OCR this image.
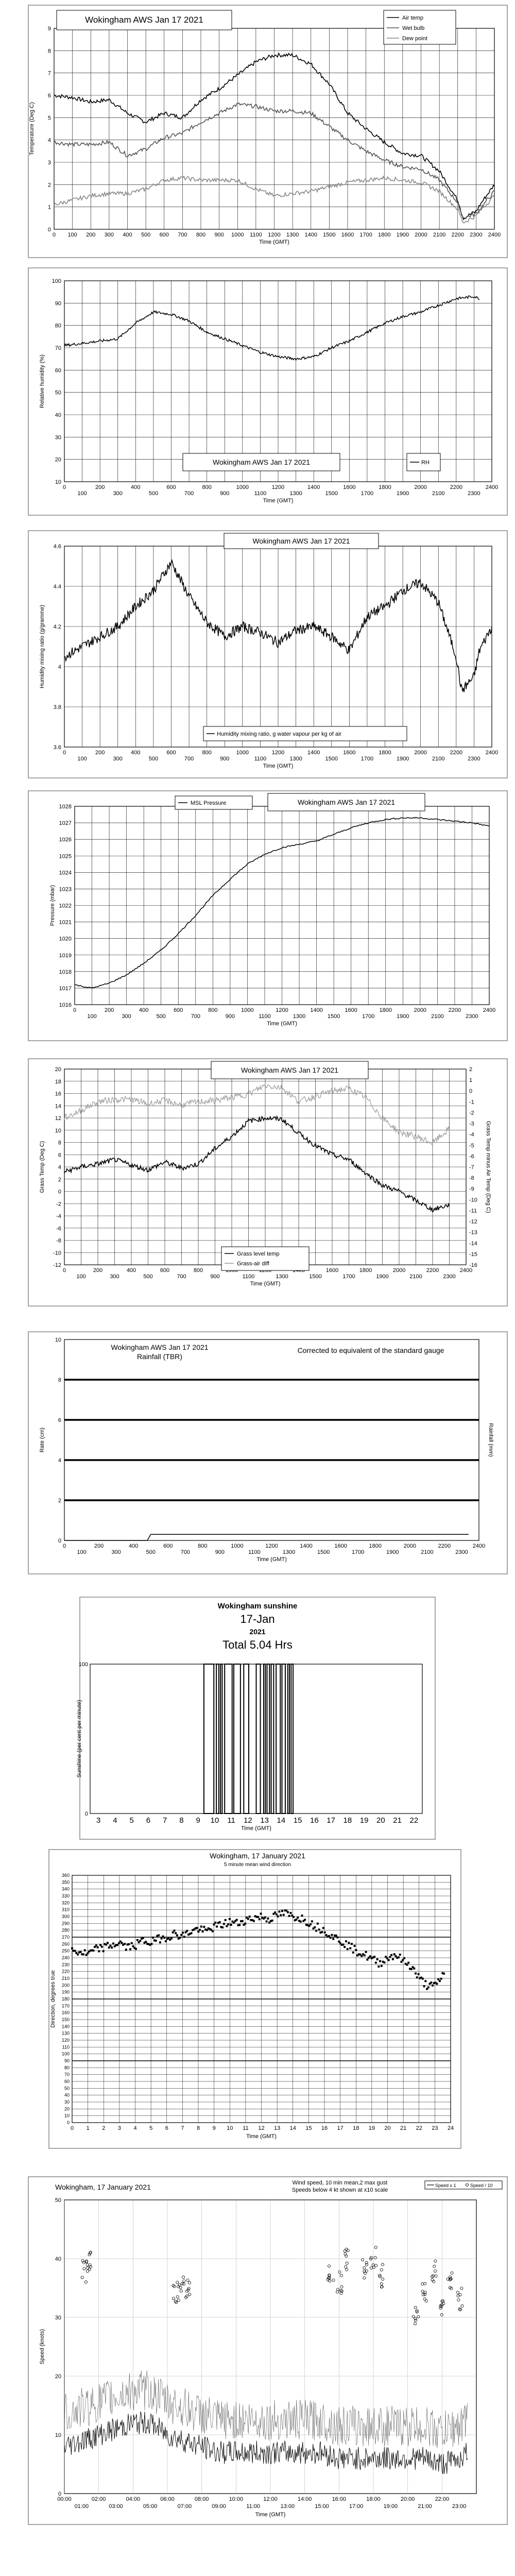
0
1
2
3
4
5
6
7
8
9
Temperature (Deg C)
0 100 200 300 400 500 600 700 800 900 1000 1100 1200 1300 1400 1500 1600 1700 1800 1900 2000 2100 2200 2300 2400
Time (GMT)
Wokingham AWS Jan 17 2021	Air temp
Wet bulb
Dew point
10
20
30
40
50
60
70
80
90
100
Relative humidity (%)
0
100
200
300
400
500
600
700
800
900
1000
1100
1200
1300
1400
1500
1600
1700
1800
1900
2000
2100
2200
2300
2400
Time (GMT)
Wokingham AWS Jan 17 2021	RH
3.6
3.8
4
4.2
4.4
4.6
Humidity mixing ratio (g/gramme)
0
100
200
300
400
500
600
700
800
900
1000
1100
1200
1300
1400
1500
1600
1700
1800
1900
2000
2100
2200
2300
2400
Time (GMT)
Wokingham AWS Jan 17 2021
Humidity mixing ratio, g water vapour per kg of air
1016
1017
1018
1019
1020
1021
1022
1023
1024
1025
1026
1027
1028
Pressure (mbar)
0
100
200
300
400
500
600
700
800
900
1000
1100
1200
1300
1400
1500
1600
1700
1800
1900
2000
2100
2200
2300
2400
Time (GMT)
Wokingham AWS Jan 17 2021
MSL Pressure
-12
-10
-8
-6
-4
-2
0
2
4
6
8
10
12
14
16
18
20
Grass Temp (Deg C)
0
100
200
300
400
500
600
700
800
900	1100	1300	1500
1600
1700
1800
1900
2000
2100
2200
2300
2400
Time (GMT)
-16
-15
-14
-13
-12
-11
-10
-9
-8
-7
-6
-5
-4
-3
-2
-1
0
1
2
Grass Temp minus Air Temp (Deg C)
Wokingham AWS Jan 17 2021
Grass level temp
Grass-air diff
0
2
4
6
8
10
Rate (cm)
0
100
200
300
400
500
600
700
800
900
1000
1100
1200
1300
1400
1500
1600
1700
1800
1900
2000
2100
2200
2300
2400
Time (GMT)
Rainfall (mm)
Wokingham AWS Jan 17 2021
Rainfall (TBR)
Corrected to equivalent of the standard gauge
0
100
Sunshine (per cent per minute)
3 4 5 6 7 8 9 10 11 12 13 14 15 16 17 18 19 20 21 22
Time (GMT)
Wokingham sunshine
17-Jan
2021
Total 5.04 Hrs
0
10
20
30
40
50
60
70
80
90
100
110
120
130
140
150
160
170
180
190
200
210
220
230
240
250
260
270
280
290
300
310
320
330
340
350
360
Direction, degrees true
0 1 2 3 4 5 6 7 8 9 10 11 12 13 14 15 16 17 18 19 20 21 22 23 24
Time (GMT)
Wokingham, 17 January 2021
5 minute mean wind direction
0
10
20
30
40
50
Speed (knots)
00:00	02:00	04:00	06:00	08:00	10:00	12:00	14:00	16:00	18:00	20:00	22:00
01:00	03:00	05:00	07:00	09:00	11:00	13:00	15:00	17:00	19:00	21:00	23:00
Time (GMT)
Wokingham, 17 January 2021	Wind speed, 10 min mean,2 max gust
Speeds below 4 kt shown at x10 scale
Speed x 1	Speed / 10
